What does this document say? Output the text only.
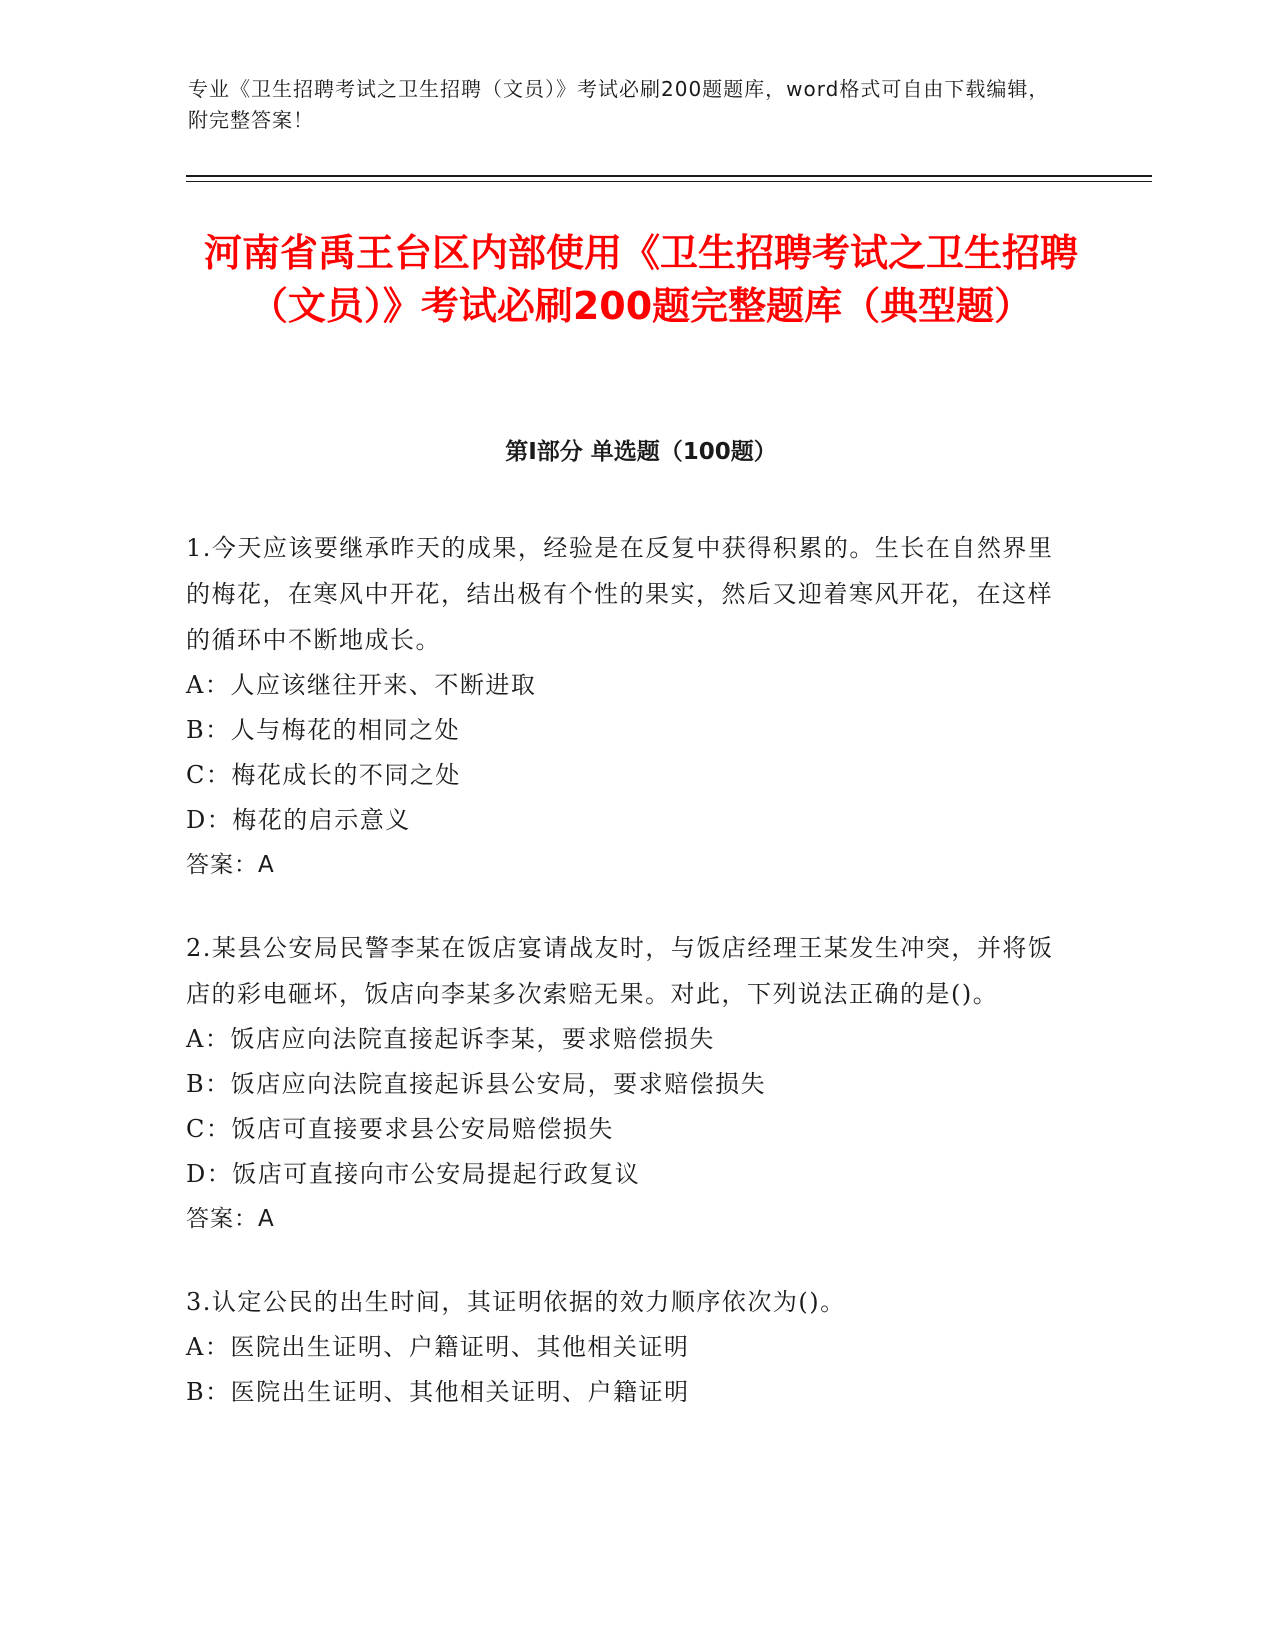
专业《卫生招聘考试之卫生招聘（文员）》考试必刷200题题库，word格式可自由下载编辑，附完整答案！
河南省禹王台区内部使用《卫生招聘考试之卫生招聘（文员）》考试必刷200题完整题库（典型题）
第Ⅰ部分 单选题（100题）
1.今天应该要继承昨天的成果，经验是在反复中获得积累的。生长在自然界里的梅花，在寒风中开花，结出极有个性的果实，然后又迎着寒风开花，在这样的循环中不断地成长。
A：人应该继往开来、不断进取
B：人与梅花的相同之处
C：梅花成长的不同之处
D：梅花的启示意义
答案：A
2.某县公安局民警李某在饭店宴请战友时，与饭店经理王某发生冲突，并将饭店的彩电砸坏，饭店向李某多次索赔无果。对此，下列说法正确的是()。
A：饭店应向法院直接起诉李某，要求赔偿损失
B：饭店应向法院直接起诉县公安局，要求赔偿损失
C：饭店可直接要求县公安局赔偿损失
D：饭店可直接向市公安局提起行政复议
答案：A
3.认定公民的出生时间，其证明依据的效力顺序依次为()。
A：医院出生证明、户籍证明、其他相关证明
B：医院出生证明、其他相关证明、户籍证明
